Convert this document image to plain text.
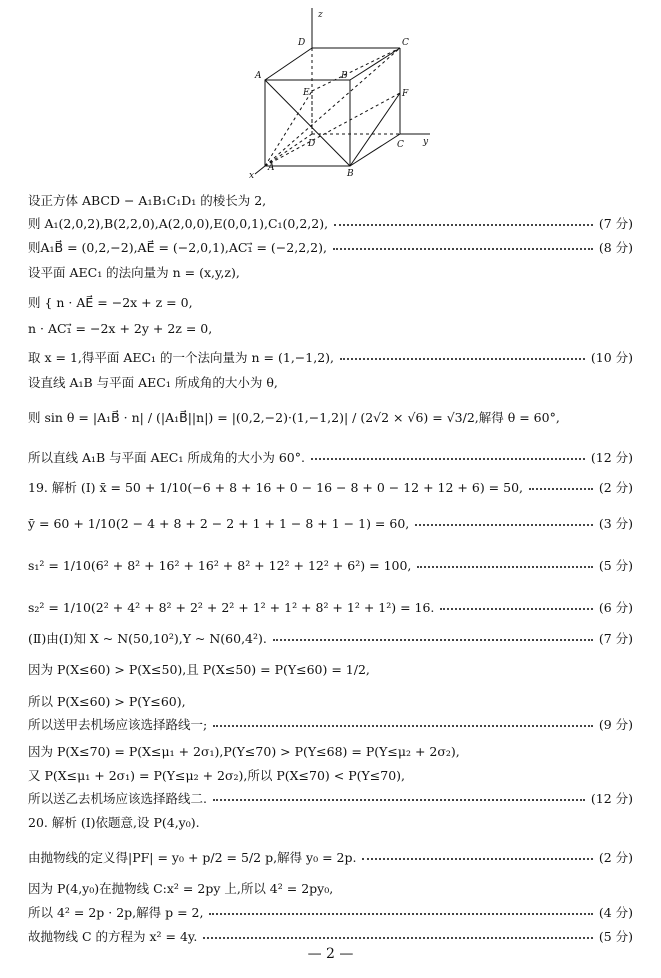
z
D	C
A	B
E	F
D	C
A
B
y
x
设正方体 ABCD − A₁B₁C₁D₁ 的棱长为 2,
则 A₁(2,0,2),B(2,2,0),A(2,0,0),E(0,0,1),C₁(0,2,2),	(7 分)
则A₁B⃗ = (0,2,−2),AE⃗ = (−2,0,1),AC₁⃗ = (−2,2,2),	(8 分)
设平面 AEC₁ 的法向量为 n = (x,y,z),
则 { n · AE⃗ = −2x + z = 0,
n · AC₁⃗ = −2x + 2y + 2z = 0,
取 x = 1,得平面 AEC₁ 的一个法向量为 n = (1,−1,2),	(10 分)
设直线 A₁B 与平面 AEC₁ 所成角的大小为 θ,
则 sin θ = |A₁B⃗ · n| / (|A₁B⃗||n|) = |(0,2,−2)·(1,−1,2)| / (2√2 × √6) = √3/2,解得 θ = 60°,
所以直线 A₁B 与平面 AEC₁ 所成角的大小为 60°.	(12 分)
19. 解析 (Ⅰ) x̄ = 50 + 1/10(−6 + 8 + 16 + 0 − 16 − 8 + 0 − 12 + 12 + 6) = 50,	(2 分)
ȳ = 60 + 1/10(2 − 4 + 8 + 2 − 2 + 1 + 1 − 8 + 1 − 1) = 60,	(3 分)
s₁² = 1/10(6² + 8² + 16² + 16² + 8² + 12² + 12² + 6²) = 100,	(5 分)
s₂² = 1/10(2² + 4² + 8² + 2² + 2² + 1² + 1² + 8² + 1² + 1²) = 16.	(6 分)
(Ⅱ)由(Ⅰ)知 X ~ N(50,10²),Y ~ N(60,4²).	(7 分)
因为 P(X≤60) > P(X≤50),且 P(X≤50) = P(Y≤60) = 1/2,
所以 P(X≤60) > P(Y≤60),
所以送甲去机场应该选择路线一;	(9 分)
因为 P(X≤70) = P(X≤μ₁ + 2σ₁),P(Y≤70) > P(Y≤68) = P(Y≤μ₂ + 2σ₂),
又 P(X≤μ₁ + 2σ₁) = P(Y≤μ₂ + 2σ₂),所以 P(X≤70) < P(Y≤70),
所以送乙去机场应该选择路线二.	(12 分)
20. 解析 (Ⅰ)依题意,设 P(4,y₀).
由抛物线的定义得|PF| = y₀ + p/2 = 5/2 p,解得 y₀ = 2p.	(2 分)
因为 P(4,y₀)在抛物线 C:x² = 2py 上,所以 4² = 2py₀,
所以 4² = 2p · 2p,解得 p = 2,	(4 分)
故抛物线 C 的方程为 x² = 4y.	(5 分)
— 2 —
